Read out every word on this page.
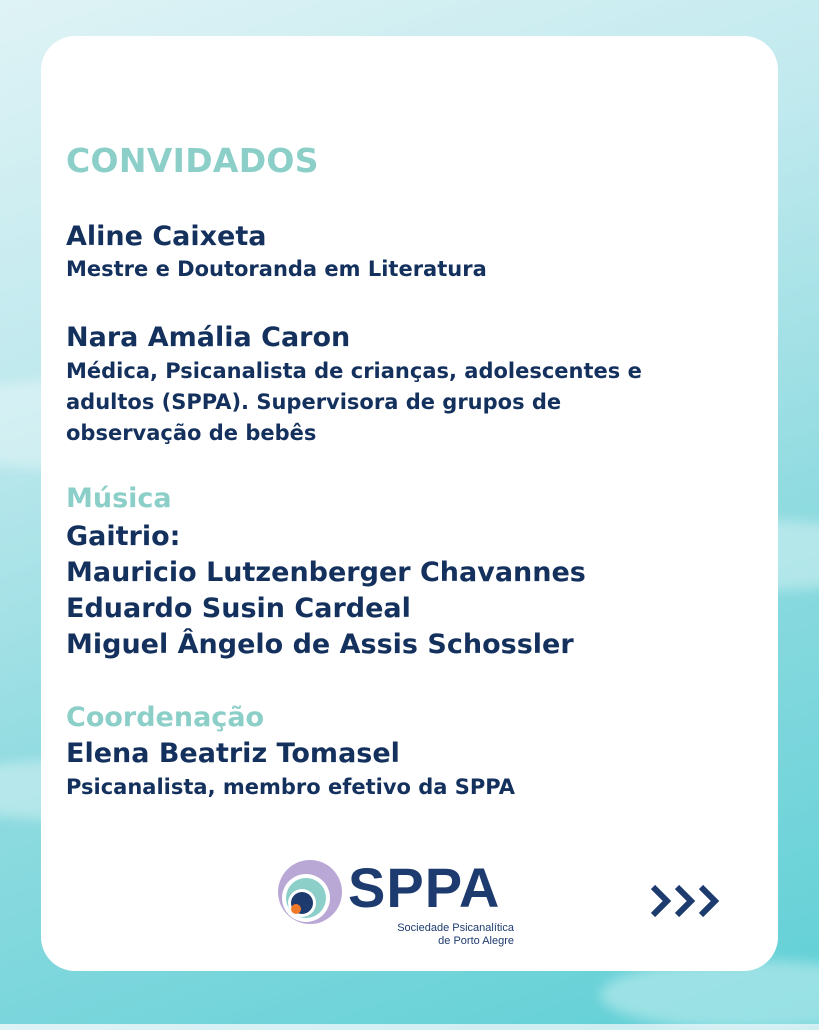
CONVIDADOS
Aline Caixeta

Mestre e Doutoranda em Literatura

Nara Amália Caron

Médica, Psicanalista de crianças, adolescentes e

adultos (SPPA). Supervisora de grupos de

observação de bebês

Música

Gaitrio:

Mauricio Lutzenberger Chavannes

Eduardo Susin Cardeal

Miguel Ângelo de Assis Schossler

Coordenação

Elena Beatriz Tomasel

Psicanalista, membro efetivo da SPPA

SPPA
Sociedade Psicanalítica
de Porto Alegre
